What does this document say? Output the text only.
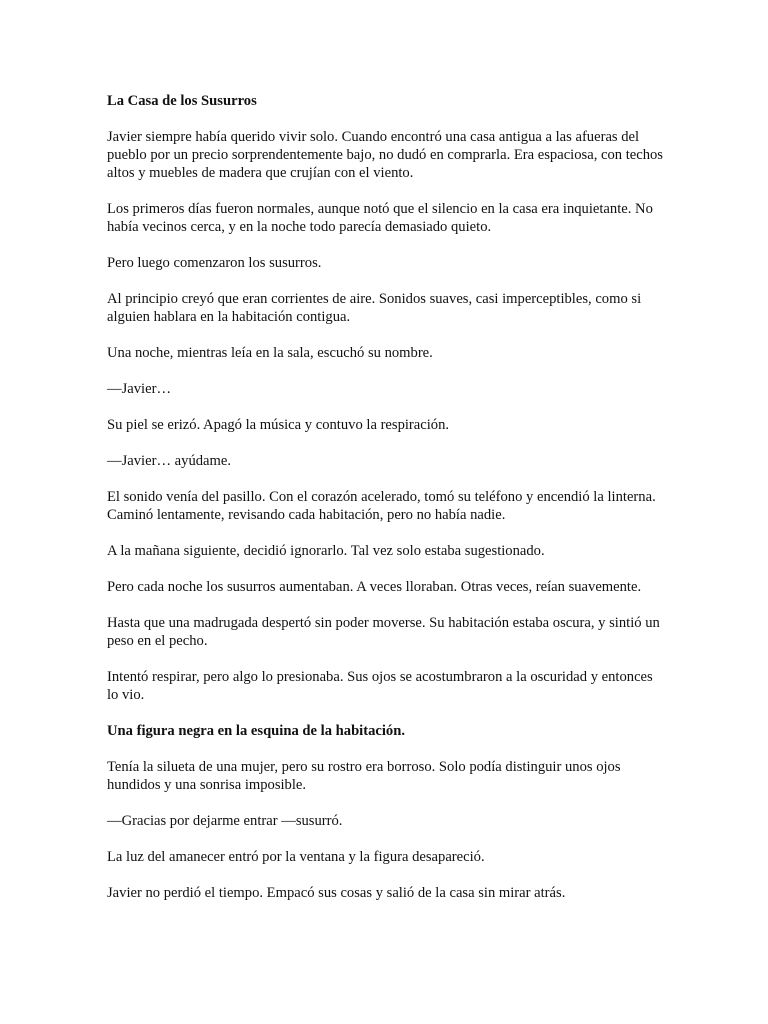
La Casa de los Susurros

Javier siempre había querido vivir solo. Cuando encontró una casa antigua a las afueras del pueblo por un precio sorprendentemente bajo, no dudó en comprarla. Era espaciosa, con techos altos y muebles de madera que crujían con el viento.

Los primeros días fueron normales, aunque notó que el silencio en la casa era inquietante. No había vecinos cerca, y en la noche todo parecía demasiado quieto.

Pero luego comenzaron los susurros.

Al principio creyó que eran corrientes de aire. Sonidos suaves, casi imperceptibles, como si alguien hablara en la habitación contigua.

Una noche, mientras leía en la sala, escuchó su nombre.

—Javier…

Su piel se erizó. Apagó la música y contuvo la respiración.

—Javier… ayúdame.

El sonido venía del pasillo. Con el corazón acelerado, tomó su teléfono y encendió la linterna. Caminó lentamente, revisando cada habitación, pero no había nadie.

A la mañana siguiente, decidió ignorarlo. Tal vez solo estaba sugestionado.

Pero cada noche los susurros aumentaban. A veces lloraban. Otras veces, reían suavemente.

Hasta que una madrugada despertó sin poder moverse. Su habitación estaba oscura, y sintió un peso en el pecho.

Intentó respirar, pero algo lo presionaba. Sus ojos se acostumbraron a la oscuridad y entonces lo vio.

Una figura negra en la esquina de la habitación.

Tenía la silueta de una mujer, pero su rostro era borroso. Solo podía distinguir unos ojos hundidos y una sonrisa imposible.

—Gracias por dejarme entrar —susurró.

La luz del amanecer entró por la ventana y la figura desapareció.

Javier no perdió el tiempo. Empacó sus cosas y salió de la casa sin mirar atrás.
